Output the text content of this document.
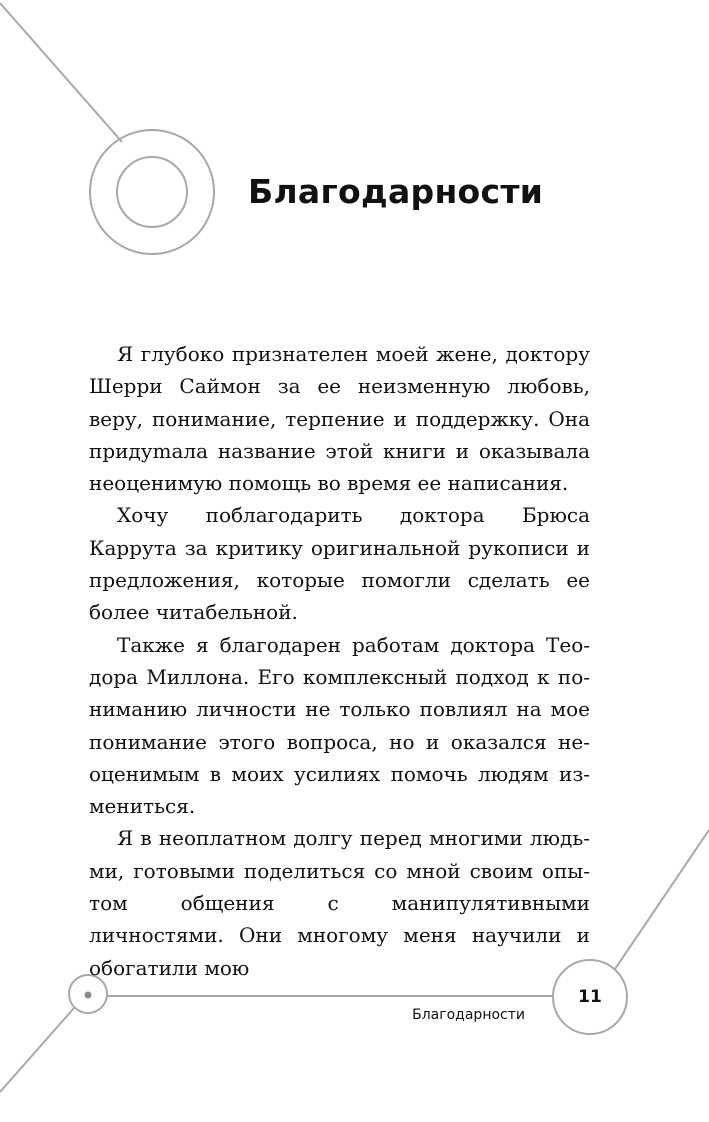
Благодарности

Я глубоко признателен моей жене, доктору Шерри Саймон за ее неизменную любовь, веру, понимание, терпение и поддержку. Она придуmала название этой книги и оказывала неоценимую помощь во время ее написания.

Хочу поблагодарить доктора Брюса Каррута за критику оригинальной рукописи и предложения, которые помогли сделать ее более читабельной.

Также я благодарен работам доктора Теодора Миллона. Его комплексный подход к пониманию личности не только повлиял на мое понимание этого вопроса, но и оказался неоценимым в моих усилиях помочь людям измениться.

Я в неоплатном долгу перед многими людьми, готовыми поделиться со мной своим опытом общения с манипулятивными личностями. Они многому меня научили и обогатили мою

11
Благодарности
